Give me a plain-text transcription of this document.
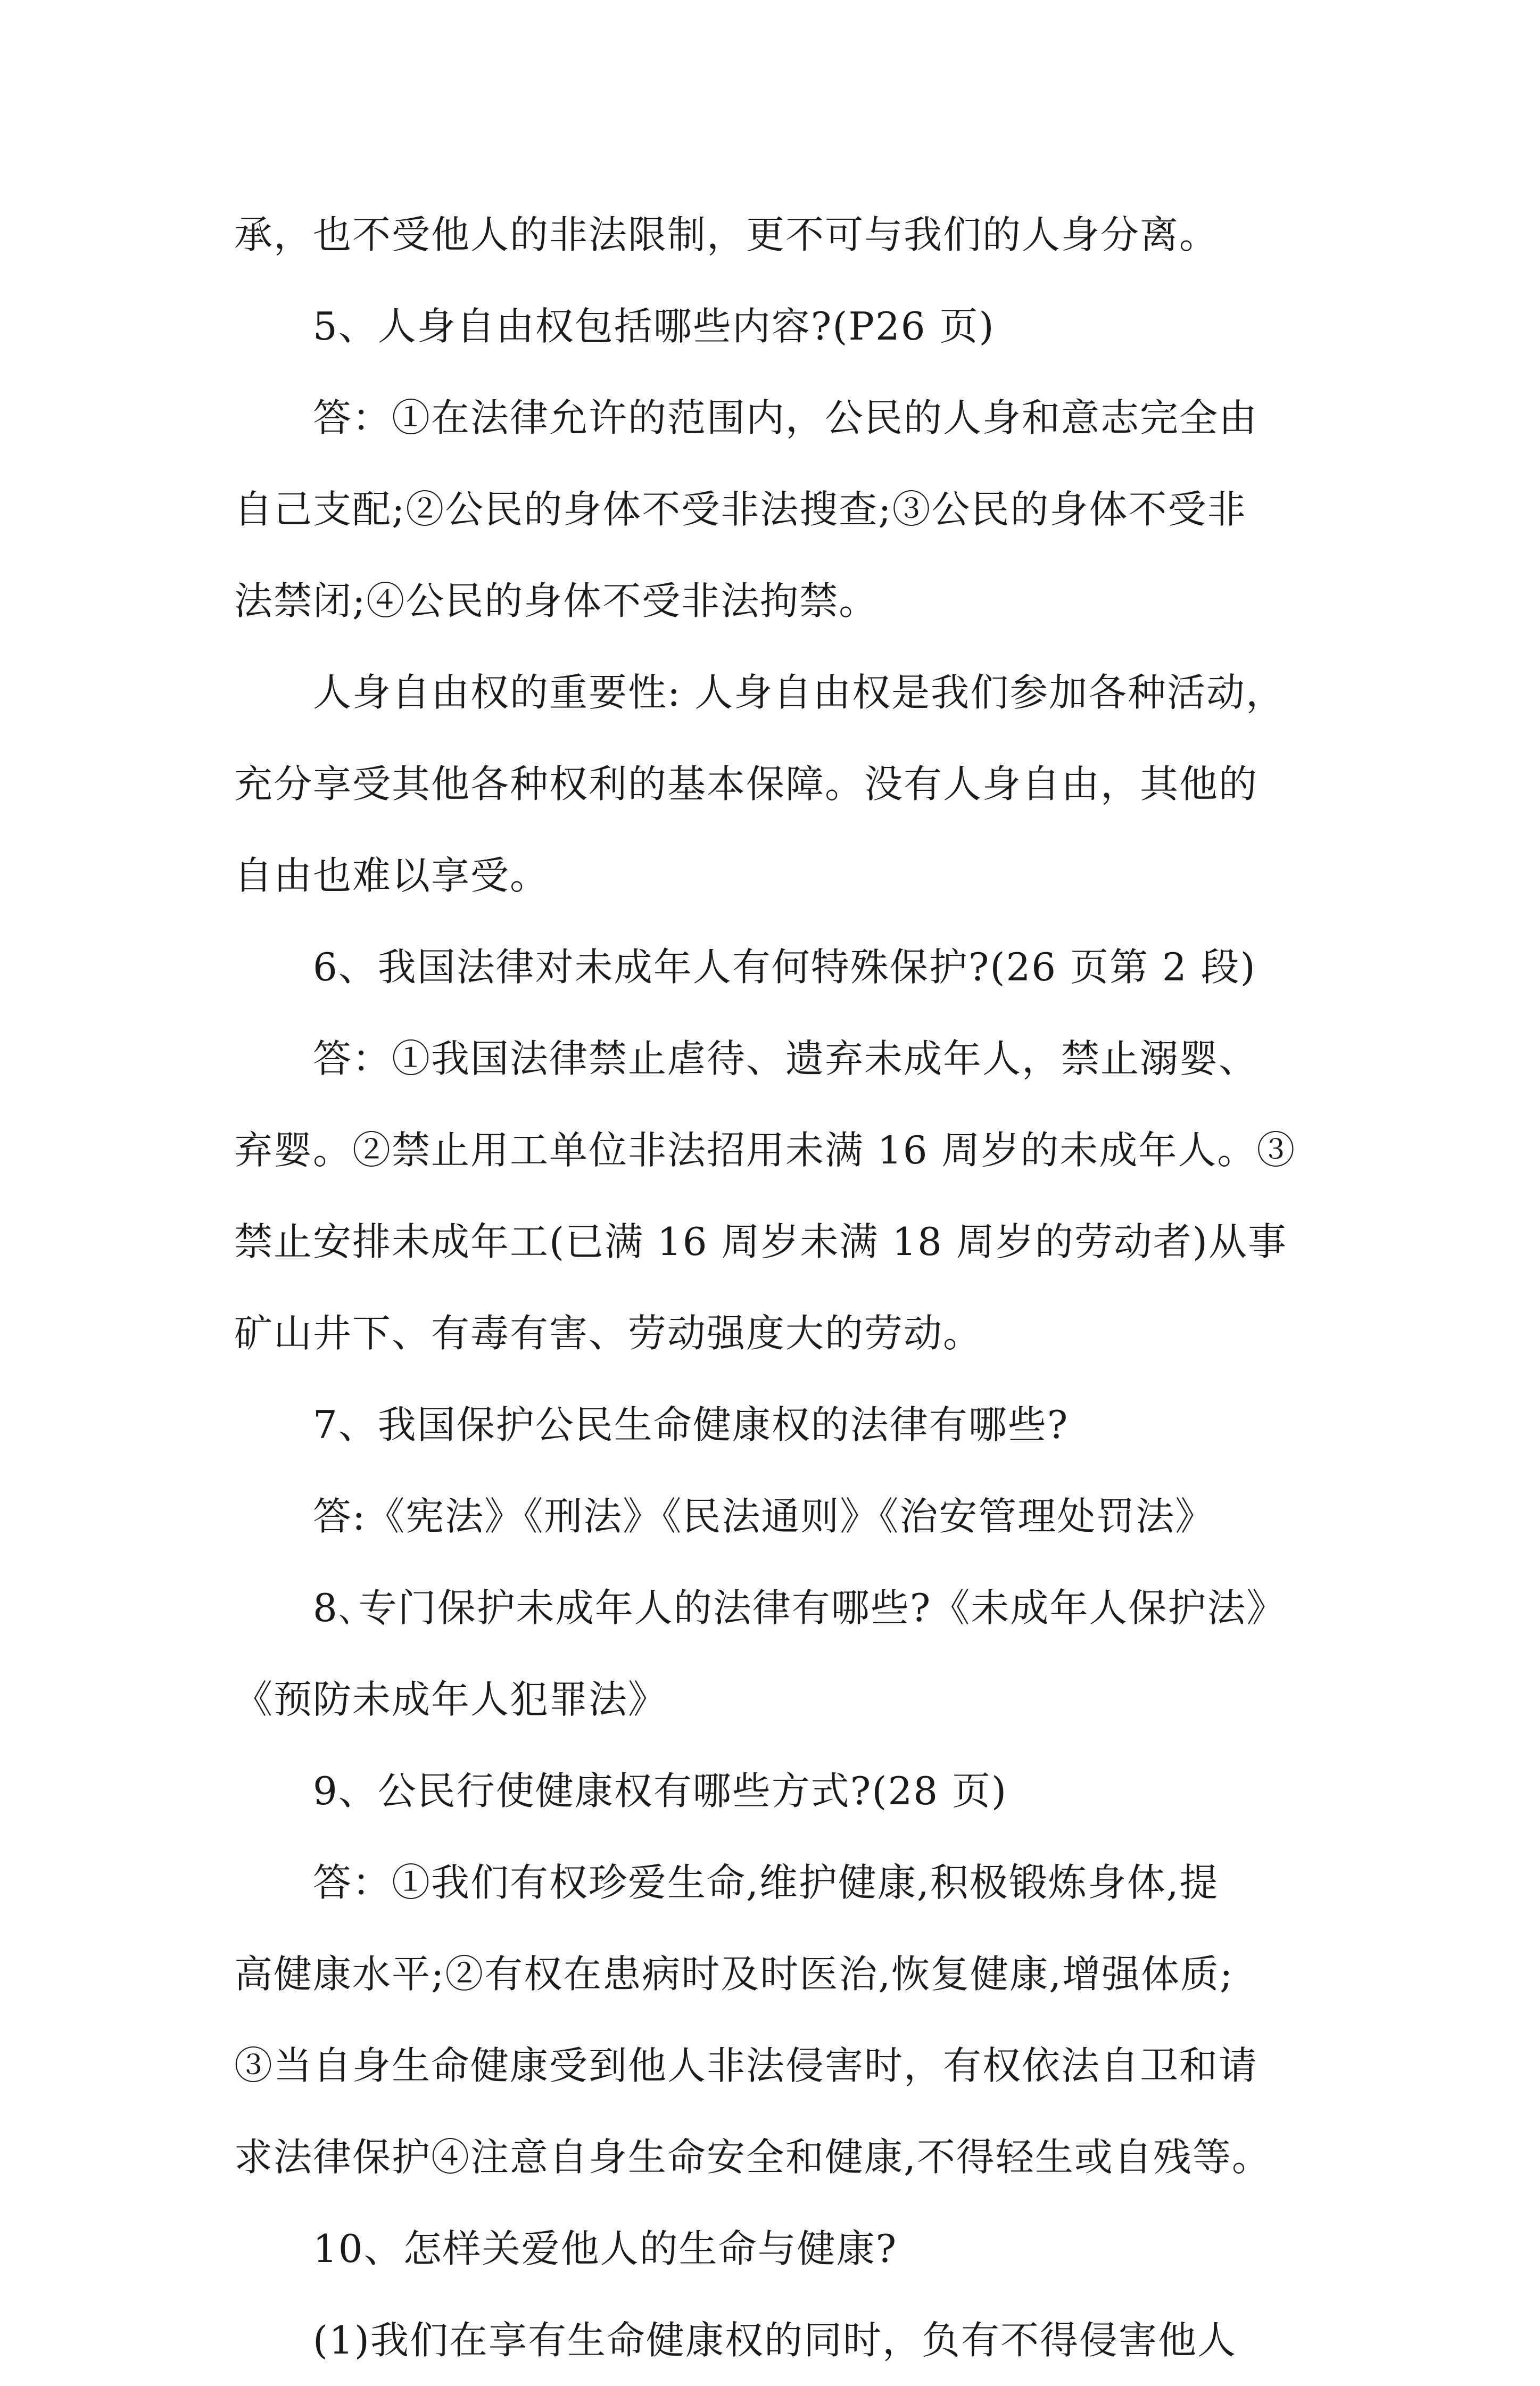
承，也不受他人的非法限制，更不可与我们的人身分离。
5、人身自由权包括哪些内容?(P26 页)
答：①在法律允许的范围内，公民的人身和意志完全由
自己支配;②公民的身体不受非法搜查;③公民的身体不受非
法禁闭;④公民的身体不受非法拘禁。
人身自由权的重要性: 人身自由权是我们参加各种活动，
充分享受其他各种权利的基本保障。没有人身自由，其他的
自由也难以享受。
6、我国法律对未成年人有何特殊保护?(26 页第 2 段)
答：①我国法律禁止虐待、遗弃未成年人，禁止溺婴、
弃婴。②禁止用工单位非法招用未满 16 周岁的未成年人。③
禁止安排未成年工(已满 16 周岁未满 18 周岁的劳动者)从事
矿山井下、有毒有害、劳动强度大的劳动。
7、我国保护公民生命健康权的法律有哪些?
答:《宪法》《刑法》《民法通则》《治安管理处罚法》
8､专门保护未成年人的法律有哪些?《未成年人保护法》
《预防未成年人犯罪法》
9、公民行使健康权有哪些方式?(28 页)
答：①我们有权珍爱生命,维护健康,积极锻炼身体,提
高健康水平;②有权在患病时及时医治,恢复健康,增强体质;
③当自身生命健康受到他人非法侵害时，有权依法自卫和请
求法律保护④注意自身生命安全和健康,不得轻生或自残等。
10、怎样关爱他人的生命与健康?
(1)我们在享有生命健康权的同时，负有不得侵害他人
